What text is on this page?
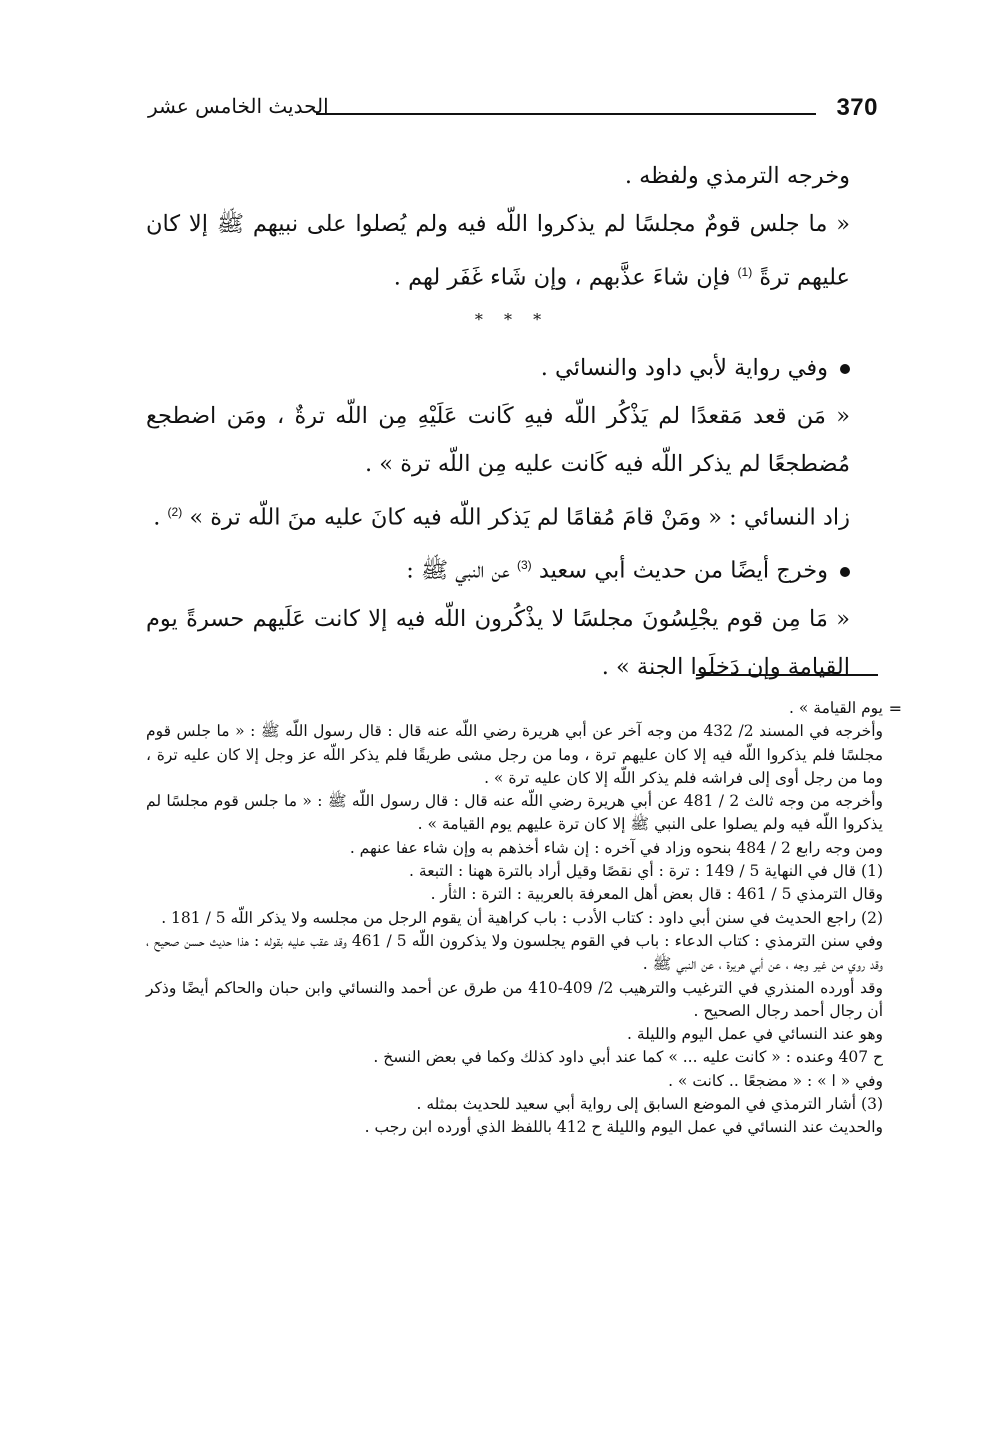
الحديث الخامس عشر	370

وخرجه الترمذي ولفظه .

« ما جلس قومٌ مجلسًا لم يذكروا اللّه فيه ولم يُصلوا على نبيهم ﷺ إلا كان عليهم ترةً $^{(1)}$ فإن شاءَ عذَّبهم ، وإن شَاء غَفَر لهم .

* * *

وفي رواية لأبي داود والنسائي .

« مَن قعد مَقعدًا لم يَذْكُر اللّه فيهِ كَانت عَلَيْهِ مِن اللّه ترةٌ ، ومَن اضطجع مُضطجعًا لم يذكر اللّه فيه كَانت عليه مِن اللّه ترة » .

زاد النسائي : « ومَنْ قامَ مُقامًا لم يَذكر اللّه فيه كانَ عليه منَ اللّه ترة » $^{(2)}$ .

وخرج أيضًا من حديث أبي سعيد $^{(3)}$ عن النبي ﷺ :

« مَا مِن قوم يجْلِسُونَ مجلسًا لا يذْكُرون اللّه فيه إلا كانت عَلَيهم حسرةً يوم القيامة وإن دَخلَوا الجنة » .

=

يوم القيامة » .

وأخرجه في المسند 2/ 432 من وجه آخر عن أبي هريرة رضي اللّه عنه قال : قال رسول اللّه ﷺ : « ما جلس قوم مجلسًا فلم يذكروا اللّه فيه إلا كان عليهم ترة ، وما من رجل مشى طريقًا فلم يذكر اللّه عز وجل إلا كان عليه ترة ، وما من رجل أوى إلى فراشه فلم يذكر اللّه إلا كان عليه ترة » .

وأخرجه من وجه ثالث 2 / 481 عن أبي هريرة رضي اللّه عنه قال : قال رسول اللّه ﷺ : « ما جلس قوم مجلسًا لم يذكروا اللّه فيه ولم يصلوا على النبي ﷺ إلا كان ترة عليهم يوم القيامة » .

ومن وجه رابع 2 / 484 بنحوه وزاد في آخره : إن شاء أخذهم به وإن شاء عفا عنهم .

(1) قال في النهاية 5 / 149 : ترة : أي نقصًا وقيل أراد بالترة ههنا : التبعة .

وقال الترمذي 5 / 461 : قال بعض أهل المعرفة بالعربية : الترة : الثأر .

(2) راجع الحديث في سنن أبي داود : كتاب الأدب : باب كراهية أن يقوم الرجل من مجلسه ولا يذكر اللّه 5 / 181 .

وفي سنن الترمذي : كتاب الدعاء : باب في القوم يجلسون ولا يذكرون اللّه 5 / 461 وقد عقب عليه بقوله : هذا حديث حسن صحيح ، وقد روي من غير وجه ، عن أبي هريرة ، عن النبي ﷺ .

وقد أورده المنذري في الترغيب والترهيب 2/ 409-410 من طرق عن أحمد والنسائي وابن حبان والحاكم أيضًا وذكر أن رجال أحمد رجال الصحيح .

وهو عند النسائي في عمل اليوم والليلة .

ح 407 وعنده : « كانت عليه ... » كما عند أبي داود كذلك وكما في بعض النسخ .

وفي « ا » : « مضجعًا .. كانت » .

(3) أشار الترمذي في الموضع السابق إلى رواية أبي سعيد للحديث بمثله .

والحديث عند النسائي في عمل اليوم والليلة ح 412 باللفظ الذي أورده ابن رجب .
